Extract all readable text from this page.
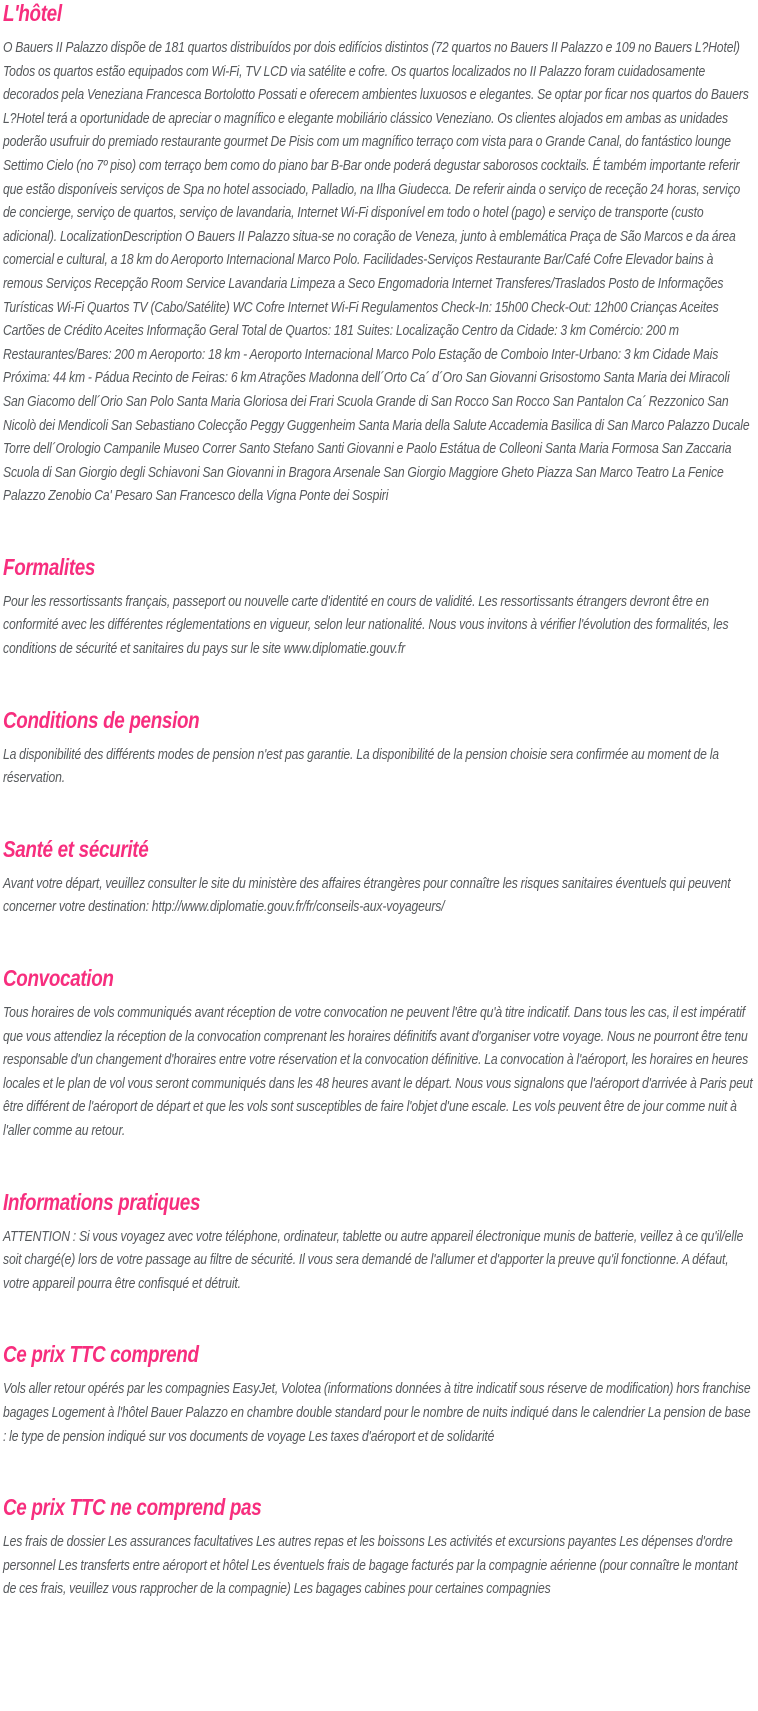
L'hôtel

O Bauers II Palazzo dispõe de 181 quartos distribuídos por dois edifícios distintos (72 quartos no Bauers II Palazzo e 109 no Bauers L?Hotel) Todos os quartos estão equipados com Wi-Fi, TV LCD via satélite e cofre. Os quartos localizados no II Palazzo foram cuidadosamente decorados pela Veneziana Francesca Bortolotto Possati e oferecem ambientes luxuosos e elegantes. Se optar por ficar nos quartos do Bauers L?Hotel terá a oportunidade de apreciar o magnífico e elegante mobiliário clássico Veneziano. Os clientes alojados em ambas as unidades poderão usufruir do premiado restaurante gourmet De Pisis com um magnífico terraço com vista para o Grande Canal, do fantástico lounge Settimo Cielo (no 7º piso) com terraço bem como do piano bar B-Bar onde poderá degustar saborosos cocktails. É também importante referir que estão disponíveis serviços de Spa no hotel associado, Palladio, na Ilha Giudecca. De referir ainda o serviço de receção 24 horas, serviço de concierge, serviço de quartos, serviço de lavandaria, Internet Wi-Fi disponível em todo o hotel (pago) e serviço de transporte (custo adicional). LocalizationDescription O Bauers II Palazzo situa-se no coração de Veneza, junto à emblemática Praça de São Marcos e da área comercial e cultural, a 18 km do Aeroporto Internacional Marco Polo. Facilidades-Serviços Restaurante Bar/Café Cofre Elevador bains à remous Serviços Recepção Room Service Lavandaria Limpeza a Seco Engomadoria Internet Transferes/Traslados Posto de Informações Turísticas Wi-Fi Quartos TV (Cabo/Satélite) WC Cofre Internet Wi-Fi Regulamentos Check-In: 15h00 Check-Out: 12h00 Crianças Aceites Cartões de Crédito Aceites Informação Geral Total de Quartos: 181 Suites: Localização Centro da Cidade: 3 km Comércio: 200 m Restaurantes/Bares: 200 m Aeroporto: 18 km - Aeroporto Internacional Marco Polo Estação de Comboio Inter-Urbano: 3 km Cidade Mais Próxima: 44 km - Pádua Recinto de Feiras: 6 km Atrações Madonna dell´Orto Ca´ d´Oro San Giovanni Grisostomo Santa Maria dei Miracoli San Giacomo dell´Orio San Polo Santa Maria Gloriosa dei Frari Scuola Grande di San Rocco San Rocco San Pantalon Ca´ Rezzonico San Nicolò dei Mendicoli San Sebastiano Colecção Peggy Guggenheim Santa Maria della Salute Accademia Basilica di San Marco Palazzo Ducale Torre dell´Orologio Campanile Museo Correr Santo Stefano Santi Giovanni e Paolo Estátua de Colleoni Santa Maria Formosa San Zaccaria Scuola di San Giorgio degli Schiavoni San Giovanni in Bragora Arsenale San Giorgio Maggiore Gheto Piazza San Marco Teatro La Fenice Palazzo Zenobio Ca' Pesaro San Francesco della Vigna Ponte dei Sospiri

Formalites

Pour les ressortissants français, passeport ou nouvelle carte d'identité en cours de validité. Les ressortissants étrangers devront être en conformité avec les différentes réglementations en vigueur, selon leur nationalité. Nous vous invitons à vérifier l'évolution des formalités, les conditions de sécurité et sanitaires du pays sur le site www.diplomatie.gouv.fr

Conditions de pension

La disponibilité des différents modes de pension n'est pas garantie. La disponibilité de la pension choisie sera confirmée au moment de la réservation.

Santé et sécurité

Avant votre départ, veuillez consulter le site du ministère des affaires étrangères pour connaître les risques sanitaires éventuels qui peuvent concerner votre destination: http://www.diplomatie.gouv.fr/fr/conseils-aux-voyageurs/

Convocation

Tous horaires de vols communiqués avant réception de votre convocation ne peuvent l'être qu'à titre indicatif. Dans tous les cas, il est impératif que vous attendiez la réception de la convocation comprenant les horaires définitifs avant d'organiser votre voyage. Nous ne pourront être tenu responsable d'un changement d'horaires entre votre réservation et la convocation définitive. La convocation à l'aéroport, les horaires en heures locales et le plan de vol vous seront communiqués dans les 48 heures avant le départ. Nous vous signalons que l'aéroport d'arrivée à Paris peut être différent de l'aéroport de départ et que les vols sont susceptibles de faire l'objet d'une escale. Les vols peuvent être de jour comme nuit à l'aller comme au retour.

Informations pratiques

ATTENTION : Si vous voyagez avec votre téléphone, ordinateur, tablette ou autre appareil électronique munis de batterie, veillez à ce qu'il/elle soit chargé(e) lors de votre passage au filtre de sécurité. Il vous sera demandé de l'allumer et d'apporter la preuve qu'il fonctionne. A défaut, votre appareil pourra être confisqué et détruit.

Ce prix TTC comprend

Vols aller retour opérés par les compagnies EasyJet, Volotea (informations données à titre indicatif sous réserve de modification) hors franchise bagages Logement à l'hôtel Bauer Palazzo en chambre double standard pour le nombre de nuits indiqué dans le calendrier La pension de base : le type de pension indiqué sur vos documents de voyage Les taxes d'aéroport et de solidarité

Ce prix TTC ne comprend pas

Les frais de dossier Les assurances facultatives Les autres repas et les boissons Les activités et excursions payantes Les dépenses d'ordre personnel Les transferts entre aéroport et hôtel Les éventuels frais de bagage facturés par la compagnie aérienne (pour connaître le montant de ces frais, veuillez vous rapprocher de la compagnie) Les bagages cabines pour certaines compagnies
